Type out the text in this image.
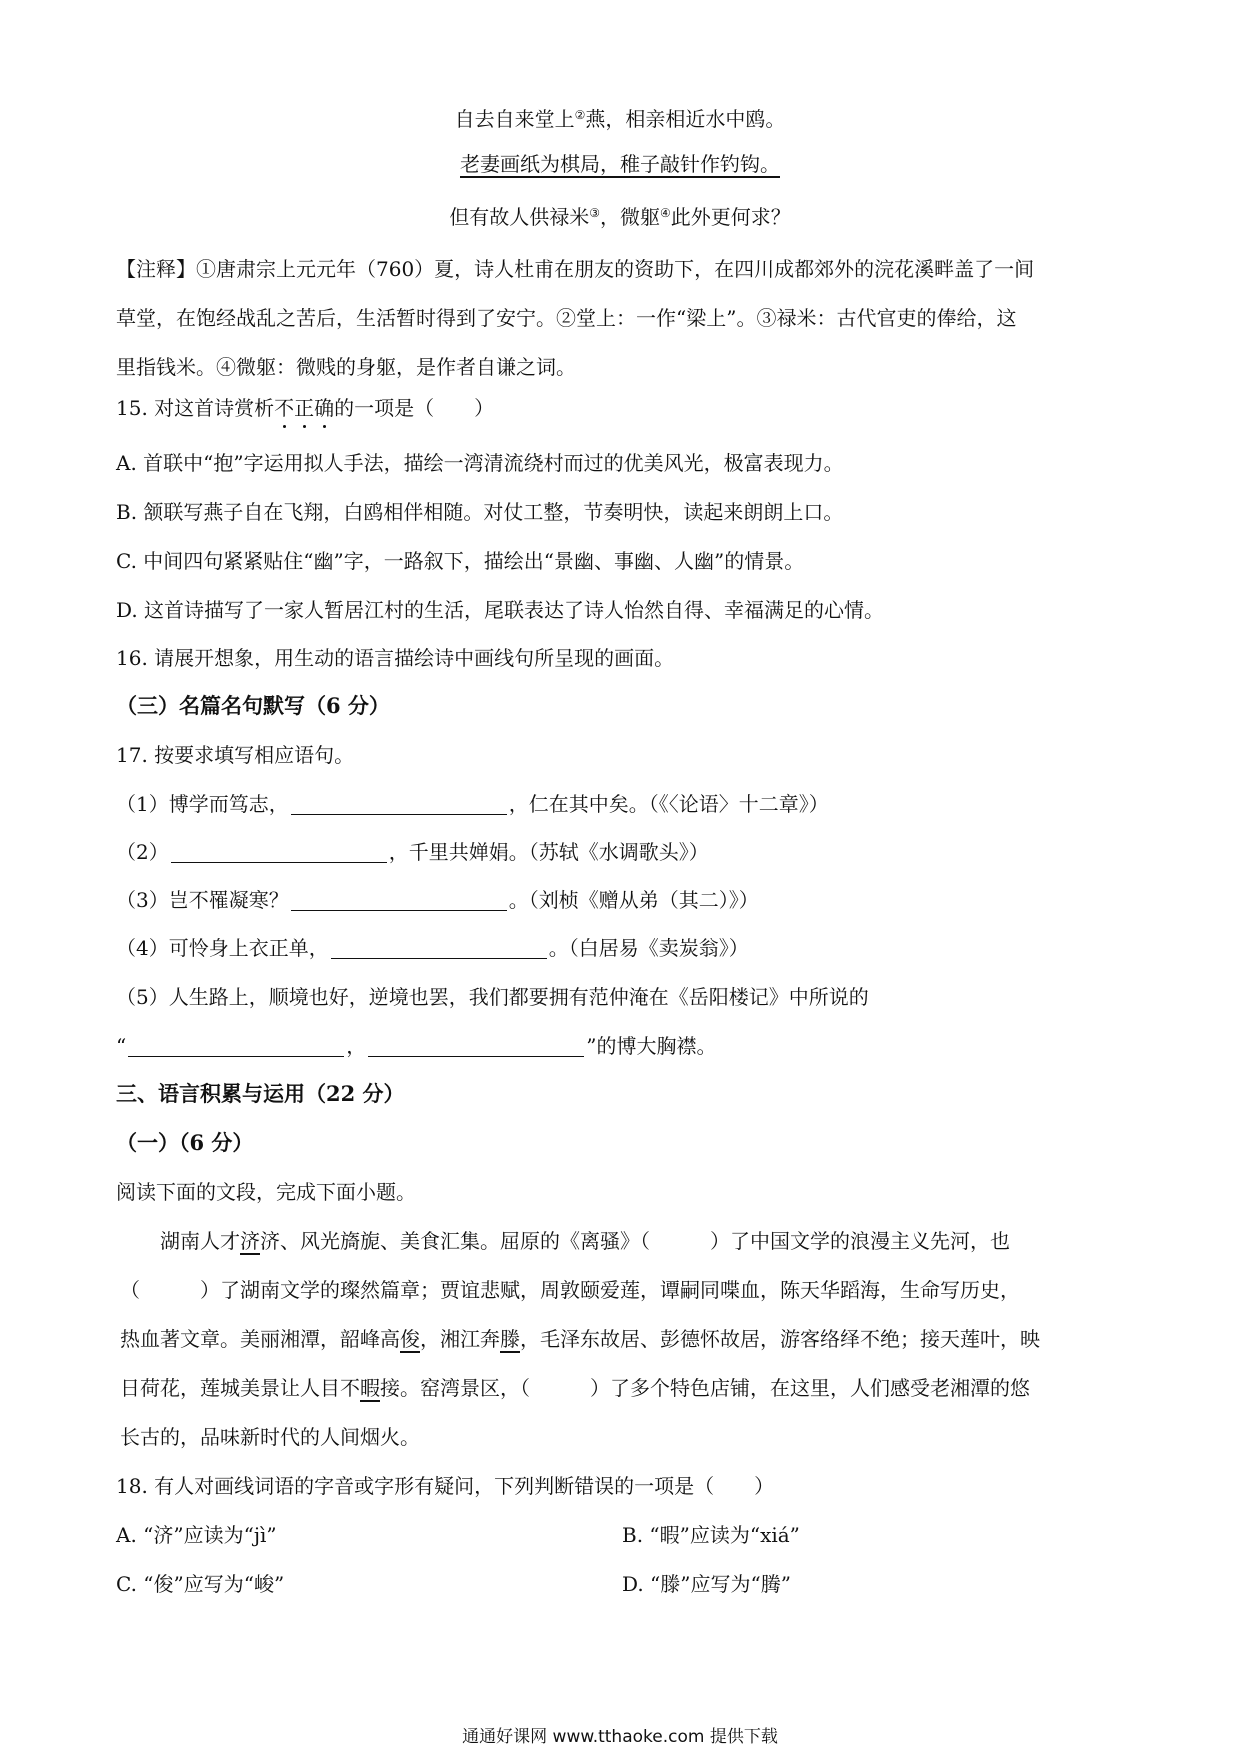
自去自来堂上②燕，相亲相近水中鸥。
老妻画纸为棋局，稚子敲针作钓钩。
但有故人供禄米③，微躯④此外更何求？
【注释】①唐肃宗上元元年（760）夏，诗人杜甫在朋友的资助下，在四川成都郊外的浣花溪畔盖了一间
草堂，在饱经战乱之苦后，生活暂时得到了安宁。②堂上：一作“梁上”。③禄米：古代官吏的俸给，这
里指钱米。④微躯：微贱的身躯，是作者自谦之词。
15. 对这首诗赏析不正确的一项是（　　）
A. 首联中“抱”字运用拟人手法，描绘一湾清流绕村而过的优美风光，极富表现力。
B. 颔联写燕子自在飞翔，白鸥相伴相随。对仗工整，节奏明快，读起来朗朗上口。
C. 中间四句紧紧贴住“幽”字，一路叙下，描绘出“景幽、事幽、人幽”的情景。
D. 这首诗描写了一家人暂居江村的生活，尾联表达了诗人怡然自得、幸福满足的心情。
16. 请展开想象，用生动的语言描绘诗中画线句所呈现的画面。
（三）名篇名句默写（6 分）
17. 按要求填写相应语句。
（1）博学而笃志，	，仁在其中矣。（《〈论语〉十二章》）
（2）	，千里共婵娟。（苏轼《水调歌头》）
（3）岂不罹凝寒？	。（刘桢《赠从弟（其二）》）
（4）可怜身上衣正单，	。（白居易《卖炭翁》）
（5）人生路上，顺境也好，逆境也罢，我们都要拥有范仲淹在《岳阳楼记》中所说的
“	，	”的博大胸襟。
三、语言积累与运用（22 分）
（一）（6 分）
阅读下面的文段，完成下面小题。
湖南人才济济、风光旖旎、美食汇集。屈原的《离骚》（　　　）了中国文学的浪漫主义先河，也
（　　　）了湖南文学的璨然篇章；贾谊悲赋，周敦颐爱莲，谭嗣同喋血，陈天华蹈海，生命写历史，
热血著文章。美丽湘潭，韶峰高俊，湘江奔滕，毛泽东故居、彭德怀故居，游客络绎不绝；接天莲叶，映
日荷花，莲城美景让人目不暇接。窑湾景区，（　　　）了多个特色店铺，在这里，人们感受老湘潭的悠
长古的，品味新时代的人间烟火。
18. 有人对画线词语的字音或字形有疑问，下列判断错误的一项是（　　）
A. “济”应读为“jì”	B. “暇”应读为“xiá”
C. “俊”应写为“峻”	D. “滕”应写为“腾”
通通好课网 www.tthaoke.com 提供下载
